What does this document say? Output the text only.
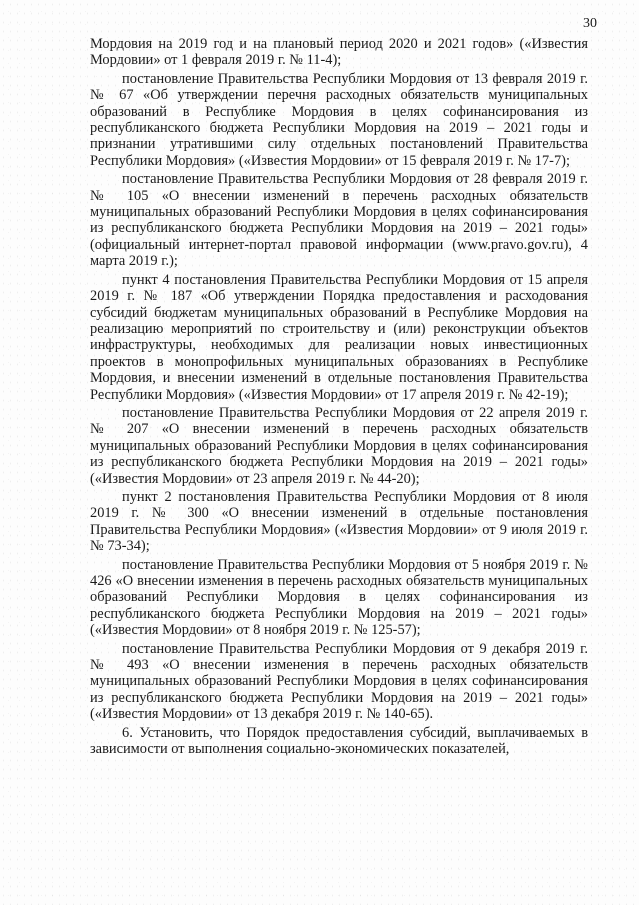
30

Мордовия на 2019 год и на плановый период 2020 и 2021 годов» («Известия Мордовии» от 1 февраля 2019 г. № 11-4);

постановление Правительства Республики Мордовия от 13 февраля 2019 г. № 67 «Об утверждении перечня расходных обязательств муниципальных образований в Республике Мордовия в целях софинансирования из республиканского бюджета Республики Мордовия на 2019 – 2021 годы и признании утратившими силу отдельных постановлений Правительства Республики Мордовия» («Известия Мордовии» от 15 февраля 2019 г. № 17-7);

постановление Правительства Республики Мордовия от 28 февраля 2019 г. № 105 «О внесении изменений в перечень расходных обязательств муниципальных образований Республики Мордовия в целях софинансирования из республиканского бюджета Республики Мордовия на 2019 – 2021 годы» (официальный интернет-портал правовой информации (www.pravo.gov.ru), 4 марта 2019 г.);

пункт 4 постановления Правительства Республики Мордовия от 15 апреля 2019 г. № 187 «Об утверждении Порядка предоставления и расходования субсидий бюджетам муниципальных образований в Республике Мордовия на реализацию мероприятий по строительству и (или) реконструкции объектов инфраструктуры, необходимых для реализации новых инвестиционных проектов в монопрофильных муниципальных образованиях в Республике Мордовия, и внесении изменений в отдельные постановления Правительства Республики Мордовия» («Известия Мордовии» от 17 апреля 2019 г. № 42-19);

постановление Правительства Республики Мордовия от 22 апреля 2019 г. № 207 «О внесении изменений в перечень расходных обязательств муниципальных образований Республики Мордовия в целях софинансирования из республиканского бюджета Республики Мордовия на 2019 – 2021 годы» («Известия Мордовии» от 23 апреля 2019 г. № 44-20);

пункт 2 постановления Правительства Республики Мордовия от 8 июля 2019 г. № 300 «О внесении изменений в отдельные постановления Правительства Республики Мордовия» («Известия Мордовии» от 9 июля 2019 г. № 73-34);

постановление Правительства Республики Мордовия от 5 ноября 2019 г. № 426 «О внесении изменения в перечень расходных обязательств муниципальных образований Республики Мордовия в целях софинансирования из республиканского бюджета Республики Мордовия на 2019 – 2021 годы» («Известия Мордовии» от 8 ноября 2019 г. № 125-57);

постановление Правительства Республики Мордовия от 9 декабря 2019 г. № 493 «О внесении изменения в перечень расходных обязательств муниципальных образований Республики Мордовия в целях софинансирования из республиканского бюджета Республики Мордовия на 2019 – 2021 годы» («Известия Мордовии» от 13 декабря 2019 г. № 140-65).

6. Установить, что Порядок предоставления субсидий, выплачиваемых в зависимости от выполнения социально-экономических показателей,
